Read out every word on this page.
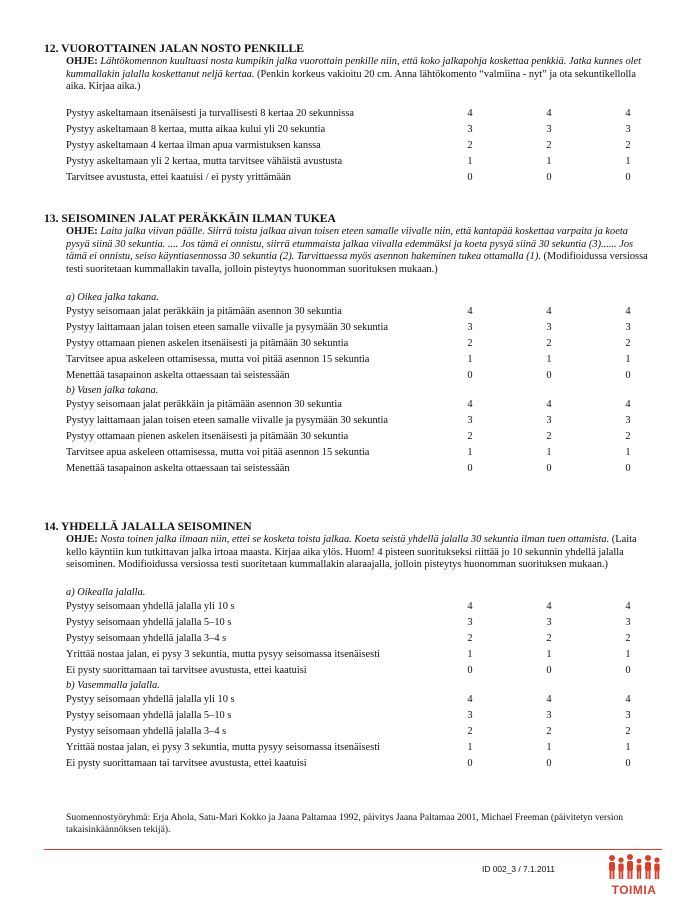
12. VUOROTTAINEN JALAN NOSTO PENKILLE
OHJE: Lähtökomennon kuultuasi nosta kumpikin jalka vuorottain penkille niin, että koko jalkapohja koskettaa penkkiä. Jatka kunnes olet kummallakin jalalla koskettanut neljä kertaa. (Penkin korkeus vakioitu 20 cm. Anna lähtökomento “valmiina - nyt” ja ota sekuntikellolla aika. Kirjaa aika.)
Pystyy askeltamaan itsenäisesti ja turvallisesti 8 kertaa 20 sekunnissa	4	4	4
Pystyy askeltamaan 8 kertaa, mutta aikaa kului yli 20 sekuntia	3	3	3
Pystyy askeltamaan 4 kertaa ilman apua varmistuksen kanssa	2	2	2
Pystyy askeltamaan yli 2 kertaa, mutta tarvitsee vähäistä avustusta	1	1	1
Tarvitsee avustusta, ettei kaatuisi / ei pysty yrittämään	0	0	0
13. SEISOMINEN JALAT PERÄKKÄIN ILMAN TUKEA
OHJE: Laita jalka viivan päälle. Siirrä toista jalkaa aivan toisen eteen samalle viivalle niin, että kantapää koskettaa varpaita ja koeta pysyä siinä 30 sekuntia. .... Jos tämä ei onnistu, siirrä etummaista jalkaa viivalla edemmäksi ja koeta pysyä siinä 30 sekuntia (3)...... Jos tämä ei onnistu, seiso käyntiasennossa 30 sekuntia (2). Tarvittaessa myös asennon hakeminen tukea ottamalla (1). (Modifioidussa versiossa testi suoritetaan kummallakin tavalla, jolloin pisteytys huonomman suorituksen mukaan.)
a) Oikea jalka takana.
Pystyy seisomaan jalat peräkkäin ja pitämään asennon 30 sekuntia	4	4	4
Pystyy laittamaan jalan toisen eteen samalle viivalle ja pysymään 30 sekuntia	3	3	3
Pystyy ottamaan pienen askelen itsenäisesti ja pitämään 30 sekuntia	2	2	2
Tarvitsee apua askeleen ottamisessa, mutta voi pitää asennon 15 sekuntia	1	1	1
Menettää tasapainon askelta ottaessaan tai seistessään	0	0	0
b) Vasen jalka takana.
Pystyy seisomaan jalat peräkkäin ja pitämään asennon 30 sekuntia	4	4	4
Pystyy laittamaan jalan toisen eteen samalle viivalle ja pysymään 30 sekuntia	3	3	3
Pystyy ottamaan pienen askelen itsenäisesti ja pitämään 30 sekuntia	2	2	2
Tarvitsee apua askeleen ottamisessa, mutta voi pitää asennon 15 sekuntia	1	1	1
Menettää tasapainon askelta ottaessaan tai seistessään	0	0	0
14. YHDELLÄ JALALLA SEISOMINEN
OHJE: Nosta toinen jalka ilmaan niin, ettei se kosketa toista jalkaa. Koeta seistä yhdellä jalalla 30 sekuntia ilman tuen ottamista. (Laita kello käyntiin kun tutkittavan jalka irtoaa maasta. Kirjaa aika ylös. Huom! 4 pisteen suoritukseksi riittää jo 10 sekunnin yhdellä jalalla seisominen. Modifioidussa versiossa testi suoritetaan kummallakin alaraajalla, jolloin pisteytys huonomman suorituksen mukaan.)
a) Oikealla jalalla.
Pystyy seisomaan yhdellä jalalla yli 10 s	4	4	4
Pystyy seisomaan yhdellä jalalla 5–10 s	3	3	3
Pystyy seisomaan yhdellä jalalla 3–4 s	2	2	2
Yrittää nostaa jalan, ei pysy 3 sekuntia, mutta pysyy seisomassa itsenäisesti	1	1	1
Ei pysty suorittamaan tai tarvitsee avustusta, ettei kaatuisi	0	0	0
b) Vasemmalla jalalla.
Pystyy seisomaan yhdellä jalalla yli 10 s	4	4	4
Pystyy seisomaan yhdellä jalalla 5–10 s	3	3	3
Pystyy seisomaan yhdellä jalalla 3–4 s	2	2	2
Yrittää nostaa jalan, ei pysy 3 sekuntia, mutta pysyy seisomassa itsenäisesti	1	1	1
Ei pysty suorittamaan tai tarvitsee avustusta, ettei kaatuisi	0	0	0
Suomennostyöryhmä: Erja Ahola, Satu-Mari Kokko ja Jaana Paltamaa 1992, päivitys Jaana Paltamaa 2001, Michael Freeman (päivitetyn version takaisinkäännöksen tekijä).
ID 002_3 / 7.1.2011
TOIMIA
